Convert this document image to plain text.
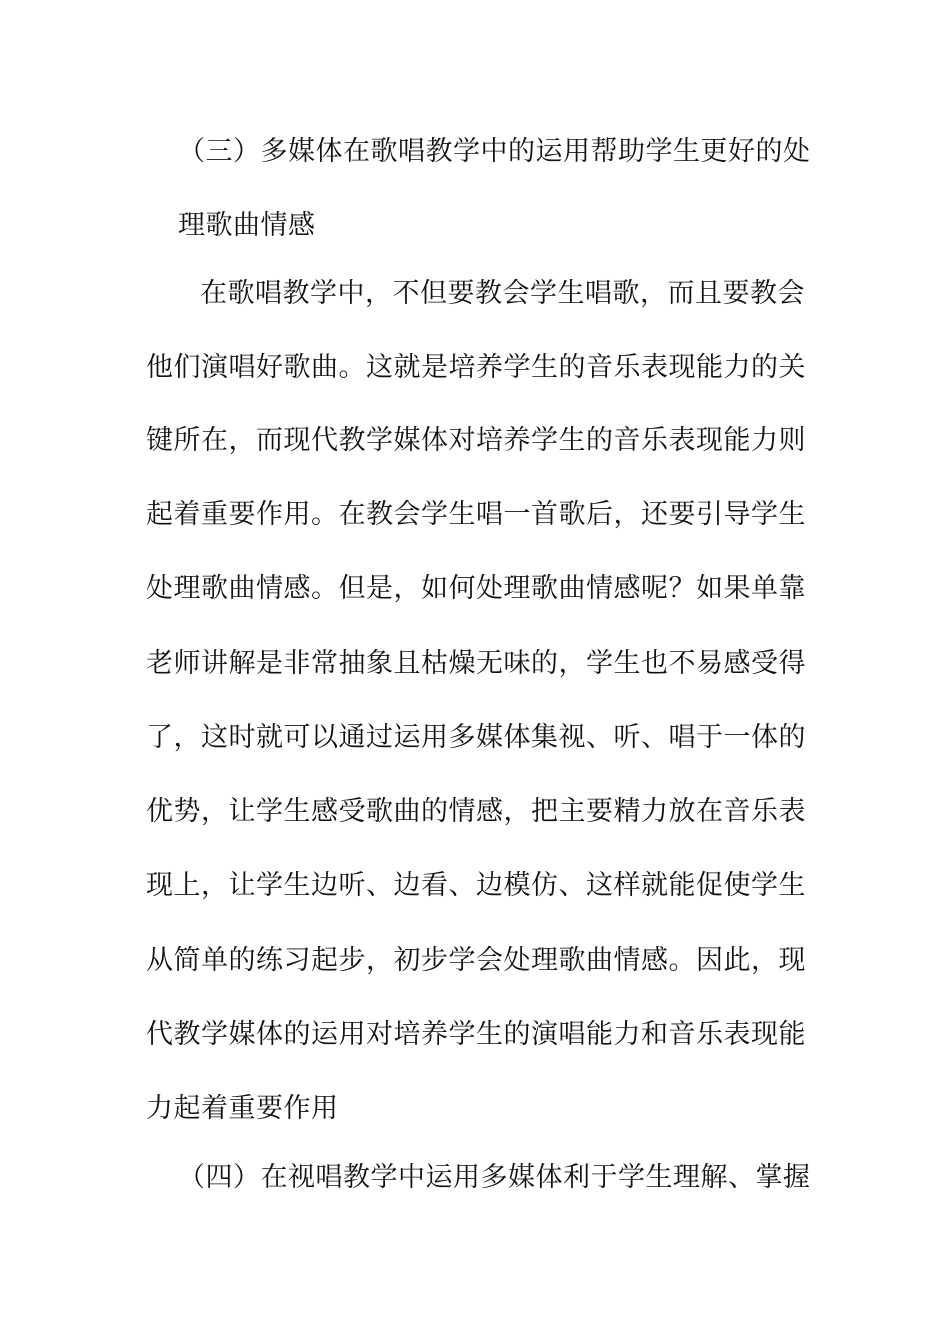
（三）多媒体在歌唱教学中的运用帮助学生更好的处
理歌曲情感
在歌唱教学中，不但要教会学生唱歌，而且要教会
他们演唱好歌曲。这就是培养学生的音乐表现能力的关
键所在，而现代教学媒体对培养学生的音乐表现能力则
起着重要作用。在教会学生唱一首歌后，还要引导学生
处理歌曲情感。但是，如何处理歌曲情感呢？如果单靠
老师讲解是非常抽象且枯燥无味的，学生也不易感受得
了，这时就可以通过运用多媒体集视、听、唱于一体的
优势，让学生感受歌曲的情感，把主要精力放在音乐表
现上，让学生边听、边看、边模仿、这样就能促使学生
从简单的练习起步，初步学会处理歌曲情感。因此，现
代教学媒体的运用对培养学生的演唱能力和音乐表现能
力起着重要作用
（四）在视唱教学中运用多媒体利于学生理解、掌握
